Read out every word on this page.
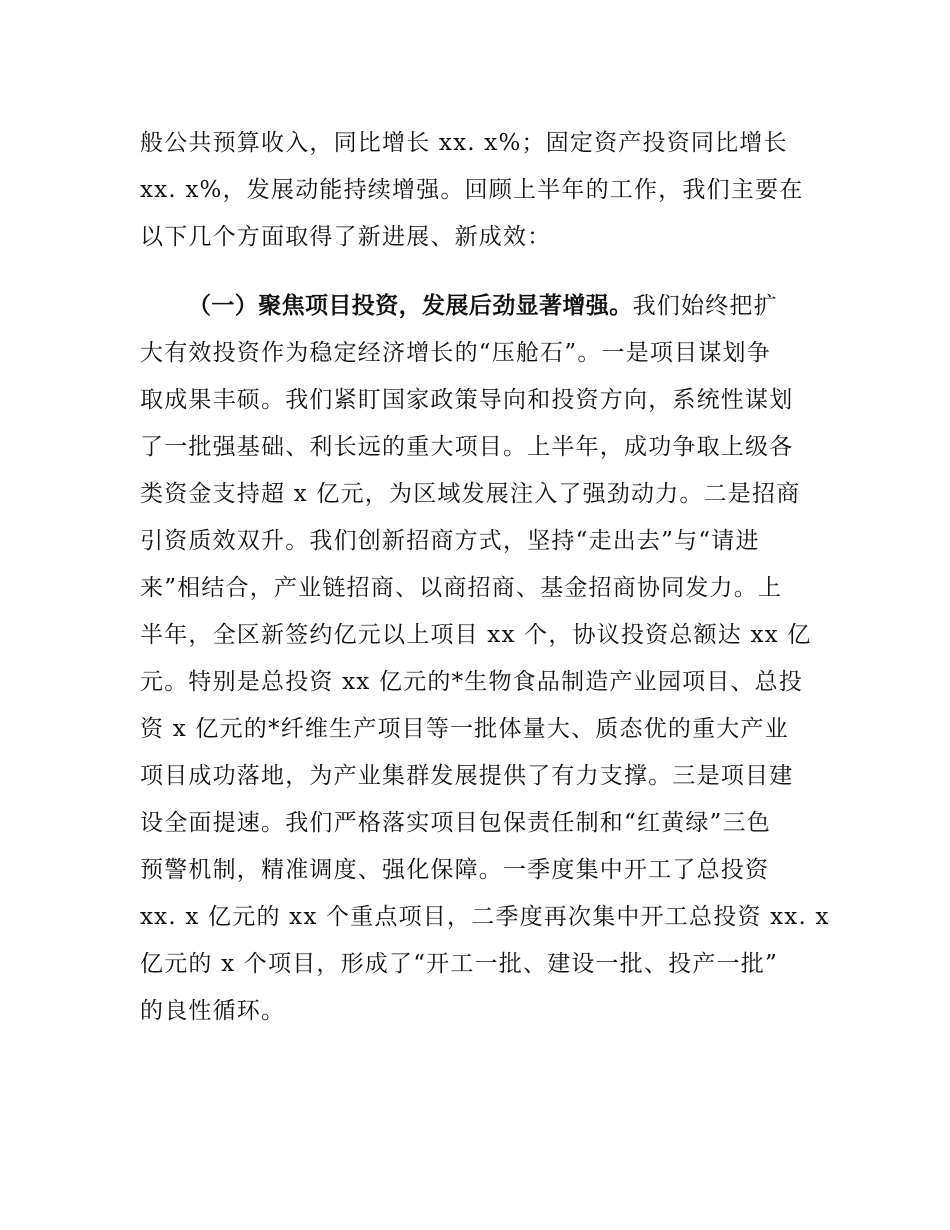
般公共预算收入，同比增长 xx. x%；固定资产投资同比增长
xx. x%，发展动能持续增强。回顾上半年的工作，我们主要在
以下几个方面取得了新进展、新成效：
（一）聚焦项目投资，发展后劲显著增强。我们始终把扩
大有效投资作为稳定经济增长的“压舱石”。一是项目谋划争
取成果丰硕。我们紧盯国家政策导向和投资方向，系统性谋划
了一批强基础、利长远的重大项目。上半年，成功争取上级各
类资金支持超 x 亿元，为区域发展注入了强劲动力。二是招商
引资质效双升。我们创新招商方式，坚持“走出去”与“请进
来”相结合，产业链招商、以商招商、基金招商协同发力。上
半年，全区新签约亿元以上项目 xx 个，协议投资总额达 xx 亿
元。特别是总投资 xx 亿元的*生物食品制造产业园项目、总投
资 x 亿元的*纤维生产项目等一批体量大、质态优的重大产业
项目成功落地，为产业集群发展提供了有力支撑。三是项目建
设全面提速。我们严格落实项目包保责任制和“红黄绿”三色
预警机制，精准调度、强化保障。一季度集中开工了总投资
xx. x 亿元的 xx 个重点项目，二季度再次集中开工总投资 xx. x
亿元的 x 个项目，形成了“开工一批、建设一批、投产一批”
的良性循环。
